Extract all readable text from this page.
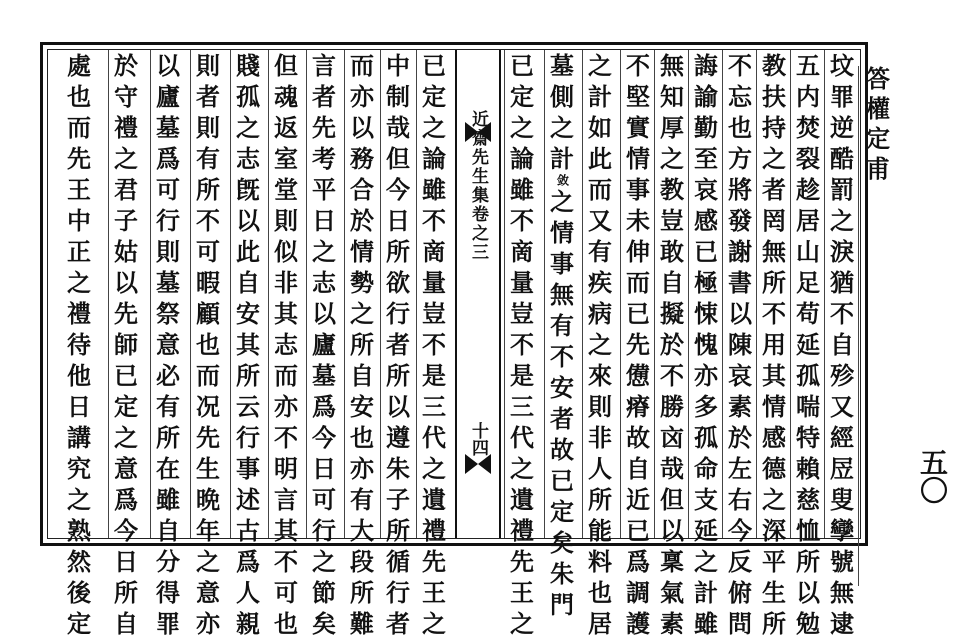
答權定甫
坟
罪
逆
酷
罰
之
淚
猶
不
自
殄
又
經
㞐
叟
孿
號
無
逮
五
内
焚
裂
趁
居
山
足
苟
延
孤
喘
特
賴
慈
恤
所
以
勉
教
扶
持
之
者
罔
無
所
不
用
其
情
感
德
之
深
平
生
所
不
忘
也
方
將
發
謝
書
以
陳
哀
素
於
左
右
今
反
俯
問
誨
諭
勤
至
哀
感
已
極
悚
愧
亦
多
孤
命
支
延
之
計
雖
無
知
厚
之
教
豈
敢
自
擬
於
不
勝
㐫
哉
但
以
稟
氣
素
不
堅
實
情
事
未
伸
而
已
先
憊
瘠
故
自
近
已
爲
調
護
之
計
如
此
而
又
有
疾
病
之
來
則
非
人
所
能
料
也
居
墓
側
之
計
敛
之
情
事
無
有
不
安
者
故
已
定
矣
朱
門
已
定
之
論
雖
不
啇
量
豈
不
是
三
代
之
遺
禮
先
王
之
近齋先生集卷之三
十四
已
定
之
論
雖
不
啇
量
豈
不
是
三
代
之
遺
禮
先
王
之
中
制
哉
但
今
日
所
欲
行
者
所
以
遵
朱
子
所
循
行
者
而
亦
以
務
合
於
情
勢
之
所
自
安
也
亦
有
大
段
所
難
言
者
先
考
平
日
之
志
以
廬
墓
爲
今
日
可
行
之
節
矣
但
魂
返
室
堂
則
似
非
其
志
而
亦
不
明
言
其
不
可
也
賤
孤
之
志
旣
以
此
自
安
其
所
云
行
事
述
古
爲
人
親
則
者
則
有
所
不
可
暇
顧
也
而
况
先
生
晩
年
之
意
亦
以
廬
墓
爲
可
行
則
墓
祭
意
必
有
所
在
雖
自
分
得
罪
於
守
禮
之
君
子
姑
以
先
師
已
定
之
意
爲
今
日
所
自
處
也
而
先
王
中
正
之
禮
待
他
日
講
究
之
熟
然
後
定
五〇
